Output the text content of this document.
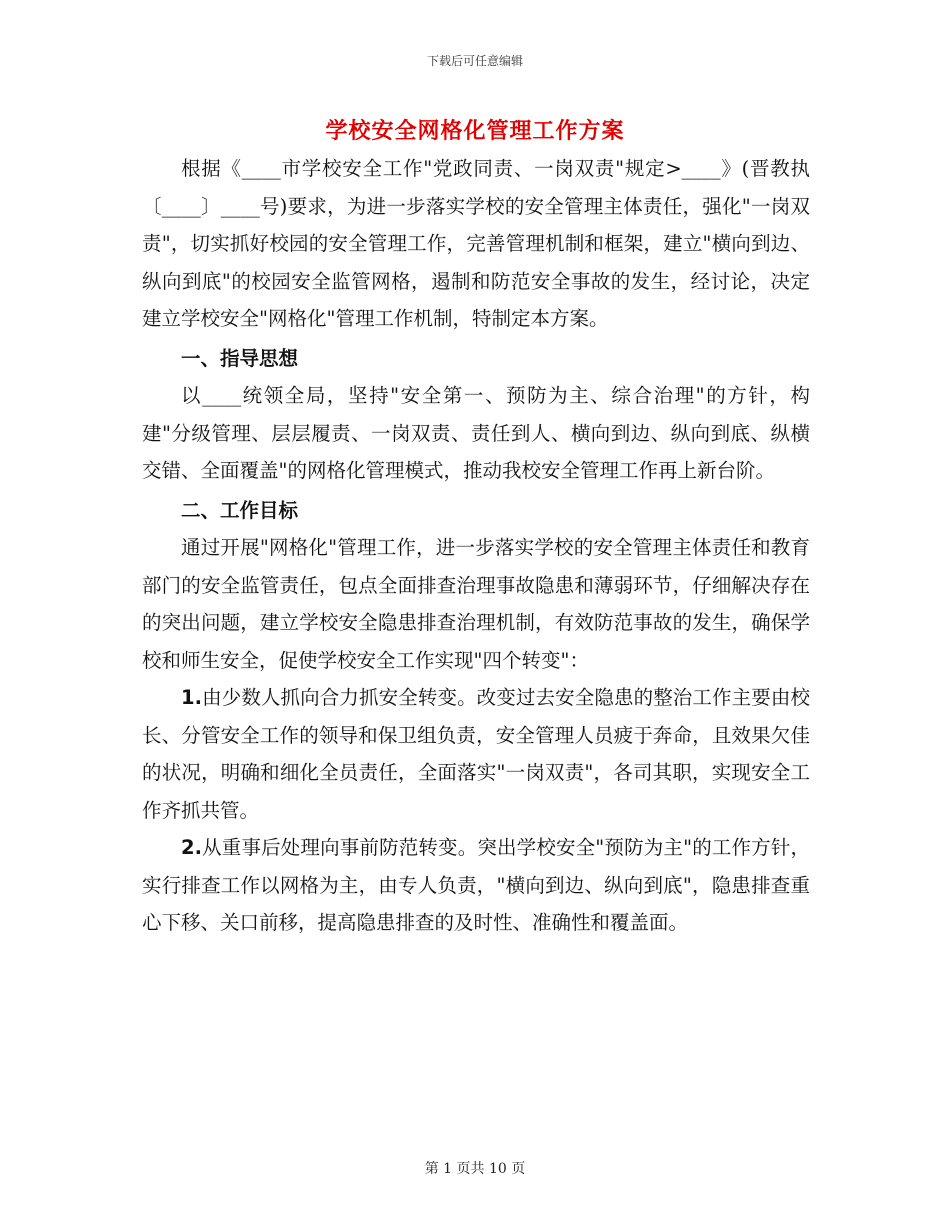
下载后可任意编辑
学校安全网格化管理工作方案

根据《____市学校安全工作"党政同责、一岗双责"规定>____》(晋教执〔____〕____号)要求，为进一步落实学校的安全管理主体责任，强化"一岗双责"，切实抓好校园的安全管理工作，完善管理机制和框架，建立"横向到边、纵向到底"的校园安全监管网格，遏制和防范安全事故的发生，经讨论，决定建立学校安全"网格化"管理工作机制，特制定本方案。

一、指导思想

以____统领全局，坚持"安全第一、预防为主、综合治理"的方针，构建"分级管理、层层履责、一岗双责、责任到人、横向到边、纵向到底、纵横交错、全面覆盖"的网格化管理模式，推动我校安全管理工作再上新台阶。

二、工作目标

通过开展"网格化"管理工作，进一步落实学校的安全管理主体责任和教育部门的安全监管责任，包点全面排查治理事故隐患和薄弱环节，仔细解决存在的突出问题，建立学校安全隐患排查治理机制，有效防范事故的发生，确保学校和师生安全，促使学校安全工作实现"四个转变"：

1.由少数人抓向合力抓安全转变。改变过去安全隐患的整治工作主要由校长、分管安全工作的领导和保卫组负责，安全管理人员疲于奔命，且效果欠佳的状况，明确和细化全员责任，全面落实"一岗双责"，各司其职，实现安全工作齐抓共管。

2.从重事后处理向事前防范转变。突出学校安全"预防为主"的工作方针，实行排查工作以网格为主，由专人负责，"横向到边、纵向到底"，隐患排查重心下移、关口前移，提高隐患排查的及时性、准确性和覆盖面。

第 1 页共 10 页
